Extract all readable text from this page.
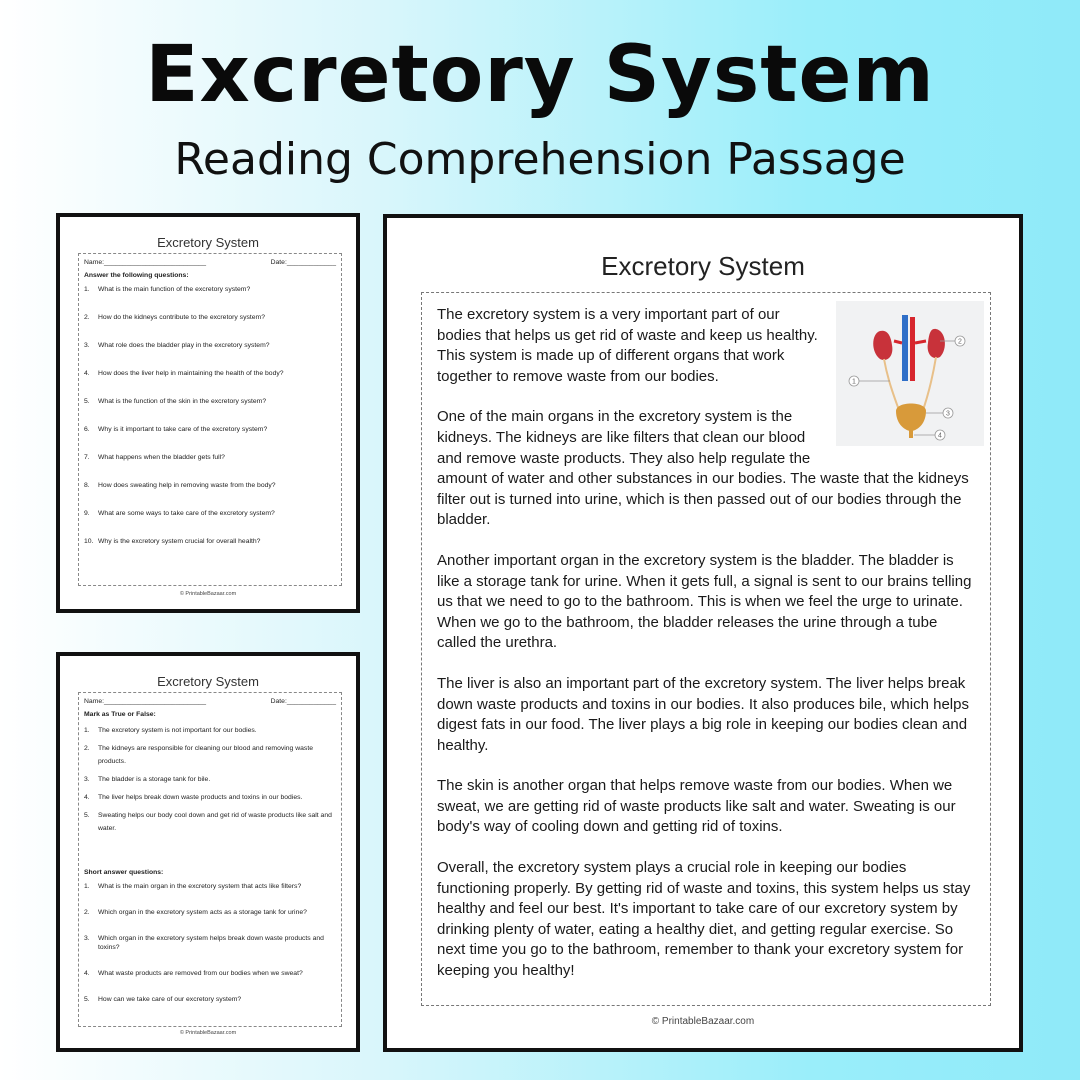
Excretory System
Reading Comprehension Passage
Excretory System
Name:___________________________	Date:_____________
Answer the following questions:
1.	What is the main function of the excretory system?
2.	How do the kidneys contribute to the excretory system?
3.	What role does the bladder play in the excretory system?
4.	How does the liver help in maintaining the health of the body?
5.	What is the function of the skin in the excretory system?
6.	Why is it important to take care of the excretory system?
7.	What happens when the bladder gets full?
8.	How does sweating help in removing waste from the body?
9.	What are some ways to take care of the excretory system?
10. Why is the excretory system crucial for overall health?
© PrintableBazaar.com
Excretory System
Name:___________________________	Date:_____________
Mark as True or False:
1.	The excretory system is not important for our bodies.
2.	The kidneys are responsible for cleaning our blood and removing waste products.
3.	The bladder is a storage tank for bile.
4.	The liver helps break down waste products and toxins in our bodies.
5.	Sweating helps our body cool down and get rid of waste products like salt and water.
Short answer questions:
1.	What is the main organ in the excretory system that acts like filters?
2.	Which organ in the excretory system acts as a storage tank for urine?
3.	Which organ in the excretory system helps break down waste products and toxins?
4.	What waste products are removed from our bodies when we sweat?
5.	How can we take care of our excretory system?
© PrintableBazaar.com
Excretory System
1
2
3
4

The excretory system is a very important part of our bodies that helps us get rid of waste and keep us healthy. This system is made up of different organs that work together to remove waste from our bodies.

One of the main organs in the excretory system is the kidneys. The kidneys are like filters that clean our blood and remove waste products. They also help regulate the amount of water and other substances in our bodies. The waste that the kidneys filter out is turned into urine, which is then passed out of our bodies through the bladder.

Another important organ in the excretory system is the bladder. The bladder is like a storage tank for urine. When it gets full, a signal is sent to our brains telling us that we need to go to the bathroom. This is when we feel the urge to urinate. When we go to the bathroom, the bladder releases the urine through a tube called the urethra.

The liver is also an important part of the excretory system. The liver helps break down waste products and toxins in our bodies. It also produces bile, which helps digest fats in our food. The liver plays a big role in keeping our bodies clean and healthy.

The skin is another organ that helps remove waste from our bodies. When we sweat, we are getting rid of waste products like salt and water. Sweating is our body's way of cooling down and getting rid of toxins.

Overall, the excretory system plays a crucial role in keeping our bodies functioning properly. By getting rid of waste and toxins, this system helps us stay healthy and feel our best. It's important to take care of our excretory system by drinking plenty of water, eating a healthy diet, and getting regular exercise. So next time you go to the bathroom, remember to thank your excretory system for keeping you healthy!

© PrintableBazaar.com
